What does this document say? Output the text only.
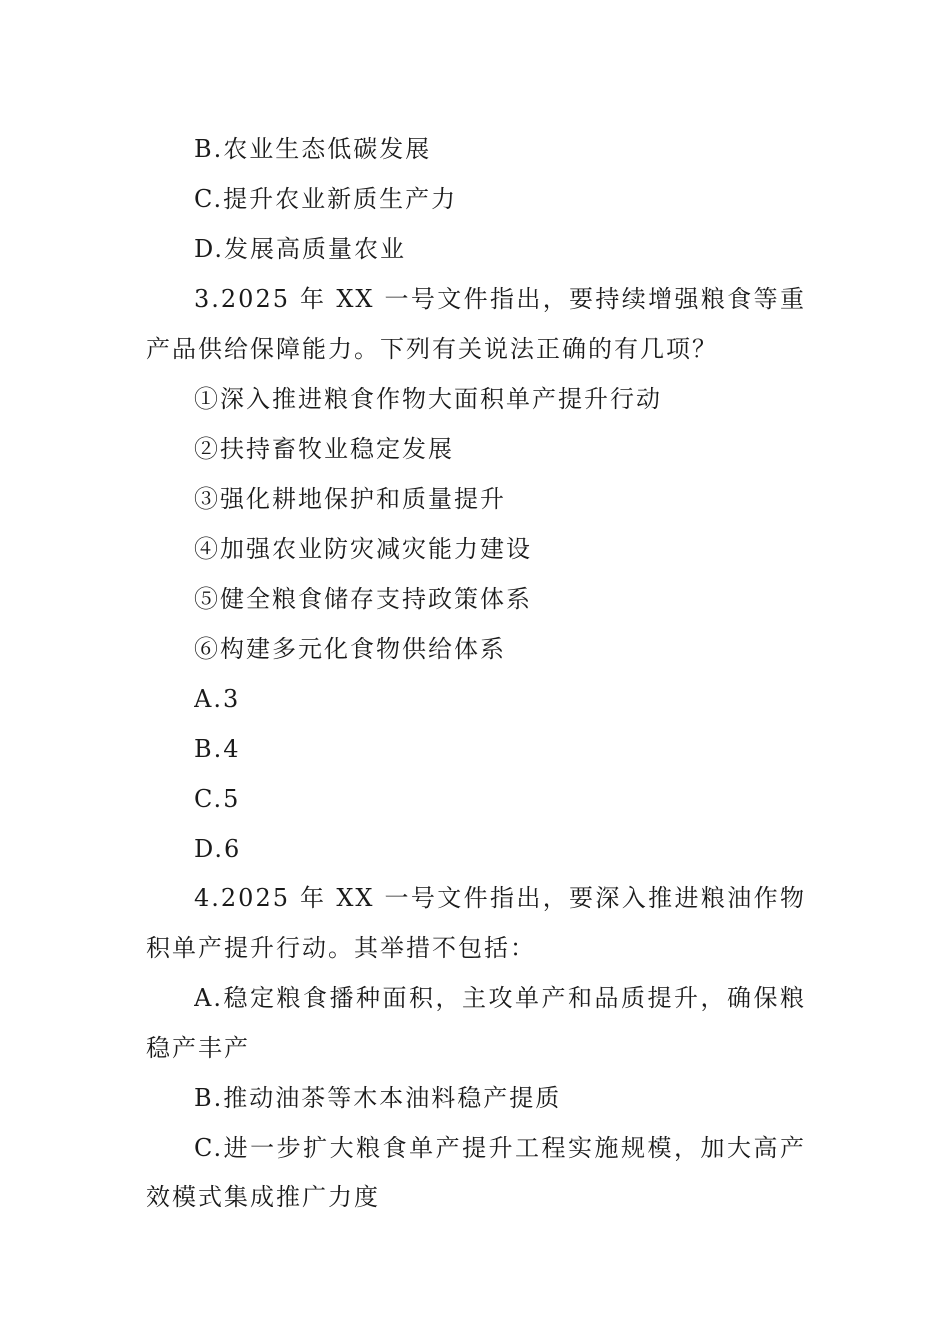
B.农业生态低碳发展
C.提升农业新质生产力
D.发展高质量农业
3.2025 年 XX 一号文件指出，要持续增强粮食等重
产品供给保障能力。下列有关说法正确的有几项？
①深入推进粮食作物大面积单产提升行动
②扶持畜牧业稳定发展
③强化耕地保护和质量提升
④加强农业防灾减灾能力建设
⑤健全粮食储存支持政策体系
⑥构建多元化食物供给体系
A.3
B.4
C.5
D.6
4.2025 年 XX 一号文件指出，要深入推进粮油作物
积单产提升行动。其举措不包括：
A.稳定粮食播种面积，主攻单产和品质提升，确保粮
稳产丰产
B.推动油茶等木本油料稳产提质
C.进一步扩大粮食单产提升工程实施规模，加大高产
效模式集成推广力度
